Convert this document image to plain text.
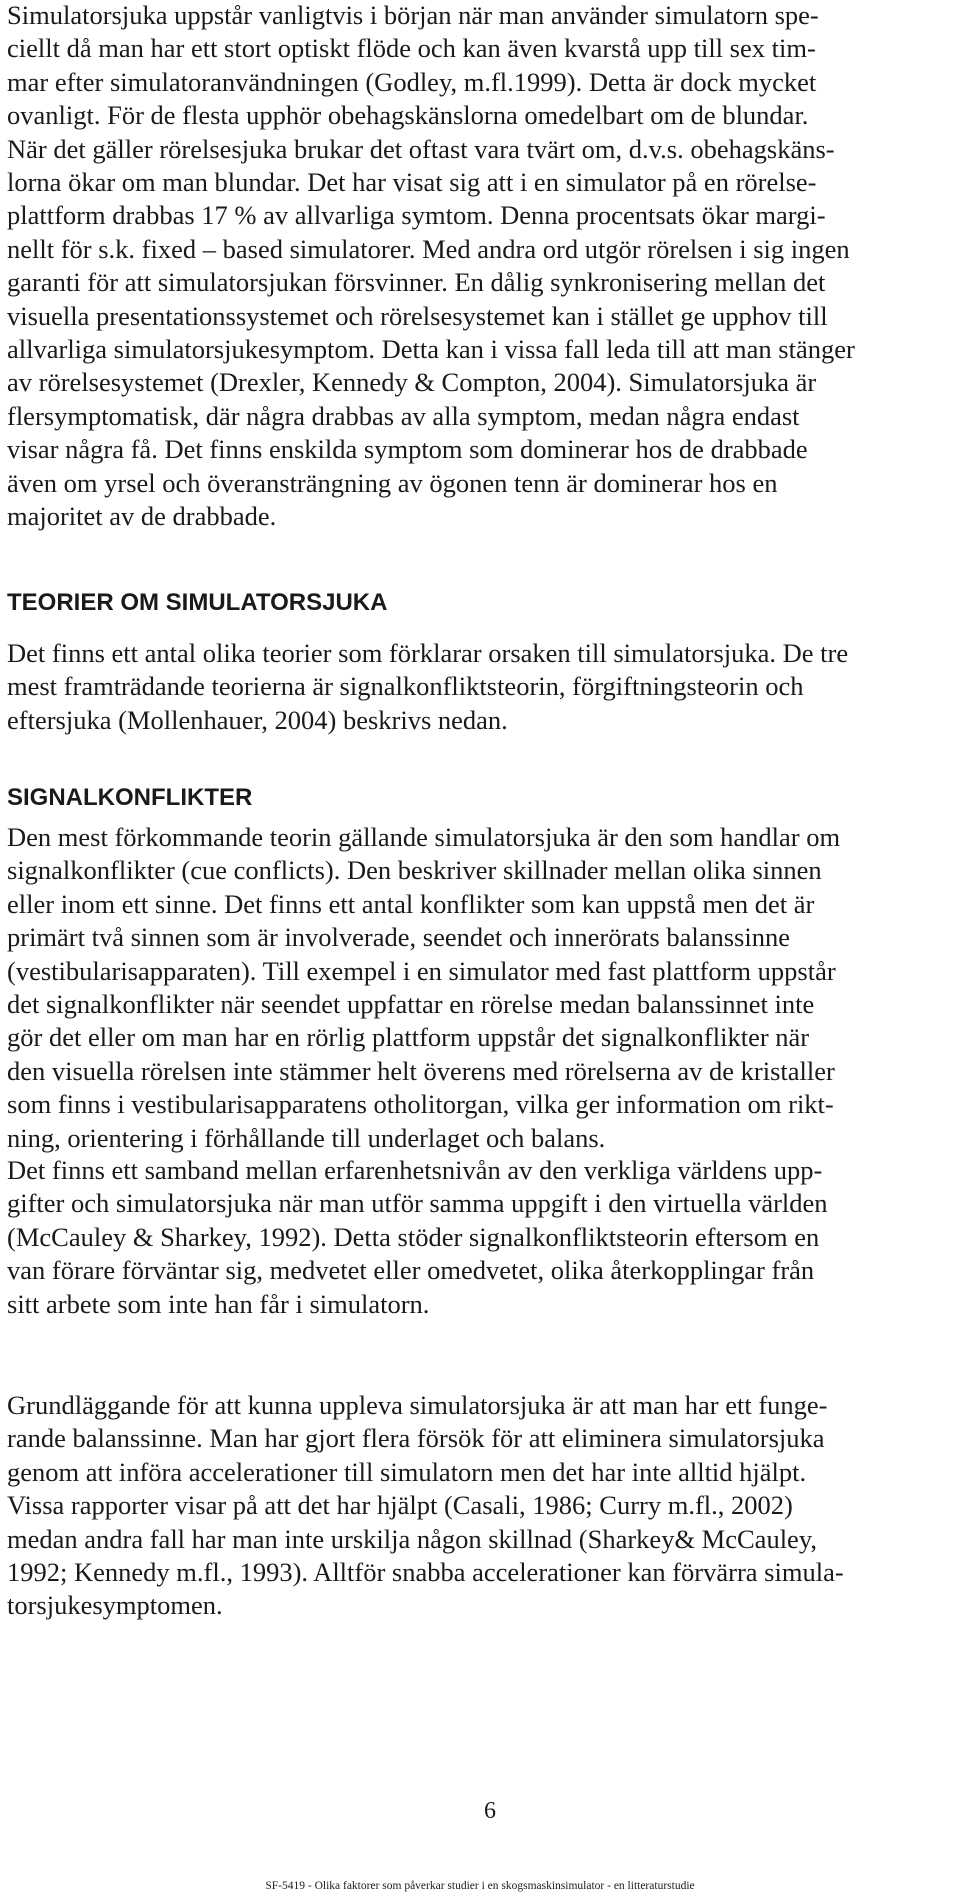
Simulatorsjuka uppstår vanligtvis i början när man använder simulatorn spe-
ciellt då man har ett stort optiskt flöde och kan även kvarstå upp till sex tim-
mar efter simulatoranvändningen (Godley, m.fl.1999). Detta är dock mycket
ovanligt. För de flesta upphör obehagskänslorna omedelbart om de blundar.
När det gäller rörelsesjuka brukar det oftast vara tvärt om, d.v.s. obehagskäns-
lorna ökar om man blundar. Det har visat sig att i en simulator på en rörelse-
plattform drabbas 17 % av allvarliga symtom. Denna procentsats ökar margi-
nellt för s.k. fixed – based simulatorer. Med andra ord utgör rörelsen i sig ingen
garanti för att simulatorsjukan försvinner. En dålig synkronisering mellan det
visuella presentationssystemet och rörelsesystemet kan i stället ge upphov till
allvarliga simulatorsjukesymptom. Detta kan i vissa fall leda till att man stänger
av rörelsesystemet (Drexler, Kennedy & Compton, 2004). Simulatorsjuka är
flersymptomatisk, där några drabbas av alla symptom, medan några endast
visar några få. Det finns enskilda symptom som dominerar hos de drabbade
även om yrsel och överansträngning av ögonen tenn är dominerar hos en
majoritet av de drabbade.
TEORIER OM SIMULATORSJUKA
Det finns ett antal olika teorier som förklarar orsaken till simulatorsjuka. De tre
mest framträdande teorierna är signalkonfliktsteorin, förgiftningsteorin och
eftersjuka (Mollenhauer, 2004) beskrivs nedan.
SIGNALKONFLIKTER
Den mest förkommande teorin gällande simulatorsjuka är den som handlar om
signalkonflikter (cue conflicts). Den beskriver skillnader mellan olika sinnen
eller inom ett sinne. Det finns ett antal konflikter som kan uppstå men det är
primärt två sinnen som är involverade, seendet och innerörats balanssinne
(vestibularisapparaten). Till exempel i en simulator med fast plattform uppstår
det signalkonflikter när seendet uppfattar en rörelse medan balanssinnet inte
gör det eller om man har en rörlig plattform uppstår det signalkonflikter när
den visuella rörelsen inte stämmer helt överens med rörelserna av de kristaller
som finns i vestibularisapparatens otholitorgan, vilka ger information om rikt-
ning, orientering i förhållande till underlaget och balans.
Det finns ett samband mellan erfarenhetsnivån av den verkliga världens upp-
gifter och simulatorsjuka när man utför samma uppgift i den virtuella världen
(McCauley & Sharkey, 1992). Detta stöder signalkonfliktsteorin eftersom en
van förare förväntar sig, medvetet eller omedvetet, olika återkopplingar från
sitt arbete som inte han får i simulatorn.
Grundläggande för att kunna uppleva simulatorsjuka är att man har ett funge-
rande balanssinne. Man har gjort flera försök för att eliminera simulatorsjuka
genom att införa accelerationer till simulatorn men det har inte alltid hjälpt.
Vissa rapporter visar på att det har hjälpt (Casali, 1986; Curry m.fl., 2002)
medan andra fall har man inte urskilja någon skillnad (Sharkey& McCauley,
1992; Kennedy m.fl., 1993). Alltför snabba accelerationer kan förvärra simula-
torsjukesymptomen.
6
SF-5419 - Olika faktorer som påverkar studier i en skogsmaskinsimulator - en litteraturstudie
